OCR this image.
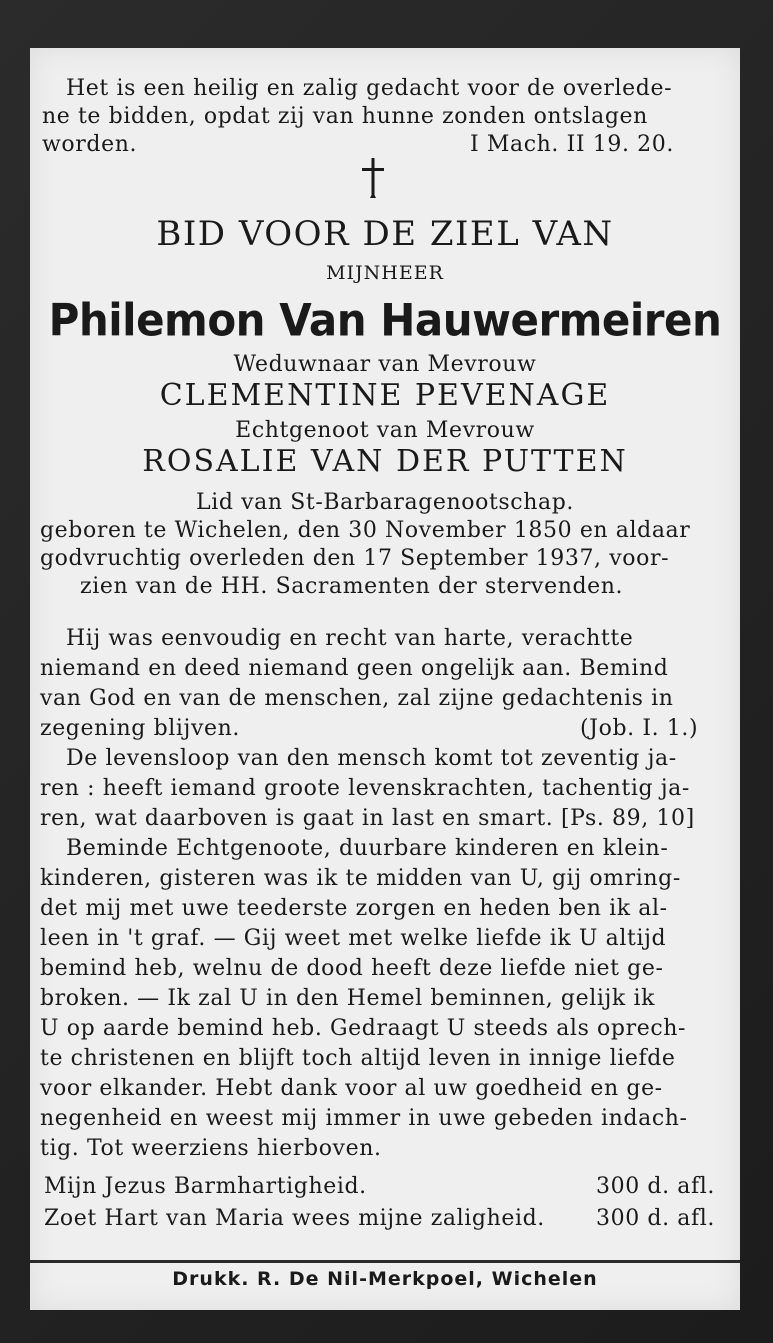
Het is een heilig en zalig gedacht voor de overlede-
ne te bidden, opdat zij van hunne zonden ontslagen
worden.	I Mach. II 19. 20.
BID VOOR DE ZIEL VAN
MIJNHEER
Philemon Van Hauwermeiren
Weduwnaar van Mevrouw
CLEMENTINE PEVENAGE
Echtgenoot van Mevrouw
ROSALIE VAN DER PUTTEN
Lid van St-Barbaragenootschap.
geboren te Wichelen, den 30 November 1850 en aldaar
godvruchtig overleden den 17 September 1937, voor-
zien van de HH. Sacramenten der stervenden.
Hij was eenvoudig en recht van harte, verachtte
niemand en deed niemand geen ongelijk aan. Bemind
van God en van de menschen, zal zijne gedachtenis in
zegening blijven.	(Job. I. 1.)
De levensloop van den mensch komt tot zeventig ja-
ren : heeft iemand groote levenskrachten, tachentig ja-
ren, wat daarboven is gaat in last en smart. [Ps. 89, 10]
Beminde Echtgenoote, duurbare kinderen en klein-
kinderen, gisteren was ik te midden van U, gij omring-
det mij met uwe teederste zorgen en heden ben ik al-
leen in 't graf. — Gij weet met welke liefde ik U altijd
bemind heb, welnu de dood heeft deze liefde niet ge-
broken. — Ik zal U in den Hemel beminnen, gelijk ik
U op aarde bemind heb. Gedraagt U steeds als oprech-
te christenen en blijft toch altijd leven in innige liefde
voor elkander. Hebt dank voor al uw goedheid en ge-
negenheid en weest mij immer in uwe gebeden indach-
tig. Tot weerziens hierboven.
Mijn Jezus Barmhartigheid.	300 d. afl.
Zoet Hart van Maria wees mijne zaligheid. 300 d. afl.
Drukk. R. De Nil-Merkpoel, Wichelen
